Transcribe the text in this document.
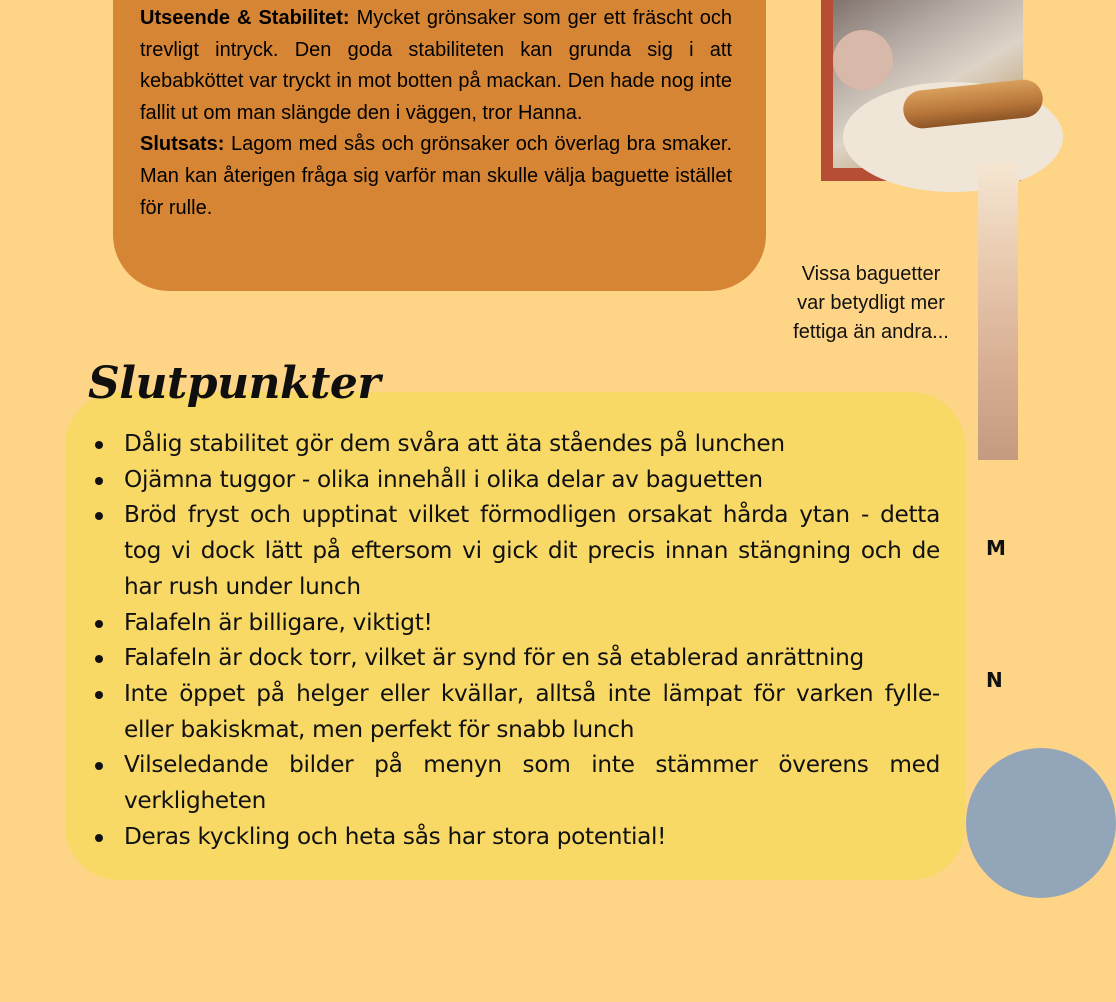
Utseende & Stabilitet: Mycket grönsaker som ger ett fräscht och trevligt intryck. Den goda stabiliteten kan grunda sig i att kebabköttet var tryckt in mot botten på mackan. Den hade nog inte fallit ut om man slängde den i väggen, tror Hanna.

Slutsats: Lagom med sås och grönsaker och överlag bra smaker. Man kan återigen fråga sig varför man skulle välja baguette istället för rulle.

Vissa baguetter
var betydligt mer
fettiga än andra...
Slutpunkter
Dålig stabilitet gör dem svåra att äta ståendes på lunchen
Ojämna tuggor - olika innehåll i olika delar av baguetten
Bröd fryst och upptinat vilket förmodligen orsakat hårda ytan - detta tog vi dock lätt på eftersom vi gick dit precis innan stängning och de har rush under lunch
Falafeln är billigare, viktigt!
Falafeln är dock torr, vilket är synd för en så etablerad anrättning
Inte öppet på helger eller kvällar, alltså inte lämpat för varken fylle- eller bakiskmat, men perfekt för snabb lunch
Vilseledande bilder på menyn som inte stämmer överens med verkligheten
Deras kyckling och heta sås har stora potential!
M
N
